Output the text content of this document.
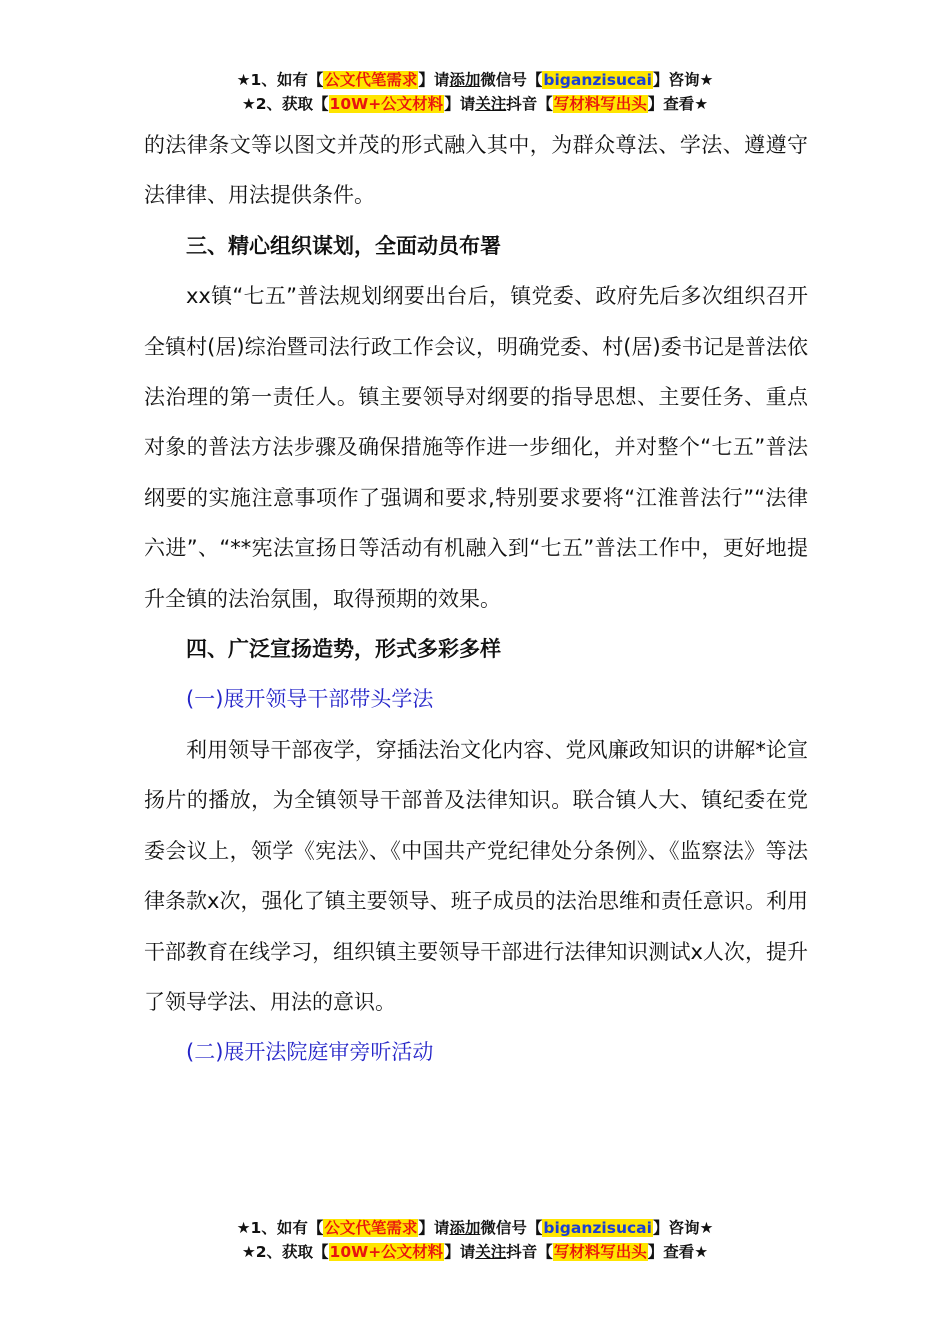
★1、如有【公文代笔需求】请添加微信号【biganzisucai】咨询★
★2、获取【10W+公文材料】请关注抖音【写材料写出头】查看★

的法律条文等以图文并茂的形式融入其中，为群众尊法、学法、遵遵守法律律、用法提供条件。

三、精心组织谋划，全面动员布署

xx镇“七五”普法规划纲要出台后，镇党委、政府先后多次组织召开全镇村(居)综治暨司法行政工作会议，明确党委、村(居)委书记是普法依法治理的第一责任人。镇主要领导对纲要的指导思想、主要任务、重点对象的普法方法步骤及确保措施等作进一步细化，并对整个“七五”普法纲要的实施注意事项作了强调和要求,特别要求要将“江淮普法行”“法律六进”、“**宪法宣扬日等活动有机融入到“七五”普法工作中，更好地提升全镇的法治氛围，取得预期的效果。

四、广泛宣扬造势，形式多彩多样

(一)展开领导干部带头学法

利用领导干部夜学，穿插法治文化内容、党风廉政知识的讲解*论宣扬片的播放，为全镇领导干部普及法律知识。联合镇人大、镇纪委在党委会议上，领学《宪法》、《中国共产党纪律处分条例》、《监察法》等法律条款x次，强化了镇主要领导、班子成员的法治思维和责任意识。利用干部教育在线学习，组织镇主要领导干部进行法律知识测试x人次，提升了领导学法、用法的意识。

(二)展开法院庭审旁听活动

★1、如有【公文代笔需求】请添加微信号【biganzisucai】咨询★
★2、获取【10W+公文材料】请关注抖音【写材料写出头】查看★
